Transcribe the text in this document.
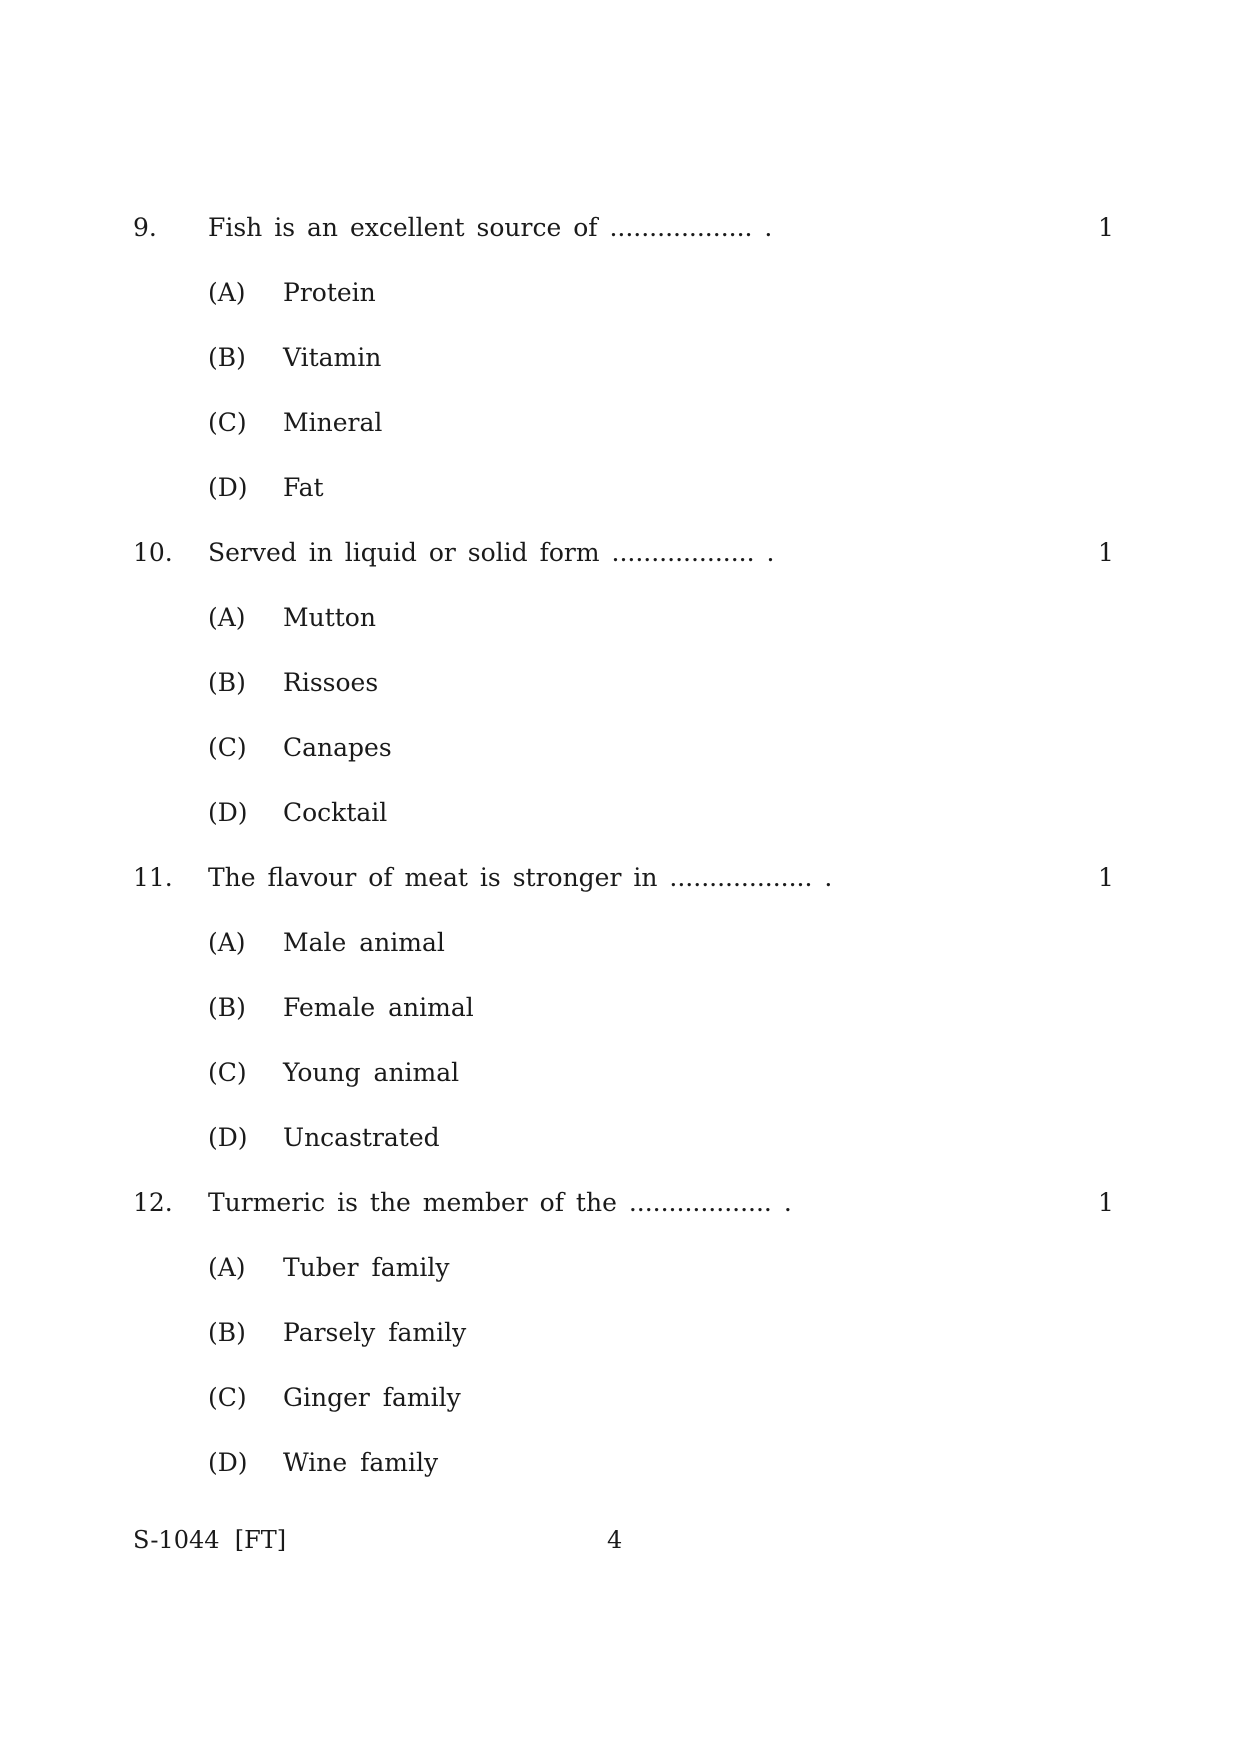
9. Fish is an excellent source of .................. .	1
(A) Protein
(B) Vitamin
(C) Mineral
(D) Fat
10. Served in liquid or solid form .................. .	1
(A) Mutton
(B) Rissoes
(C) Canapes
(D) Cocktail
11. The flavour of meat is stronger in .................. .	1
(A) Male animal
(B) Female animal
(C) Young animal
(D) Uncastrated
12. Turmeric is the member of the .................. .	1
(A) Tuber family
(B) Parsely family
(C) Ginger family
(D) Wine family
S-1044  [FT]	4
